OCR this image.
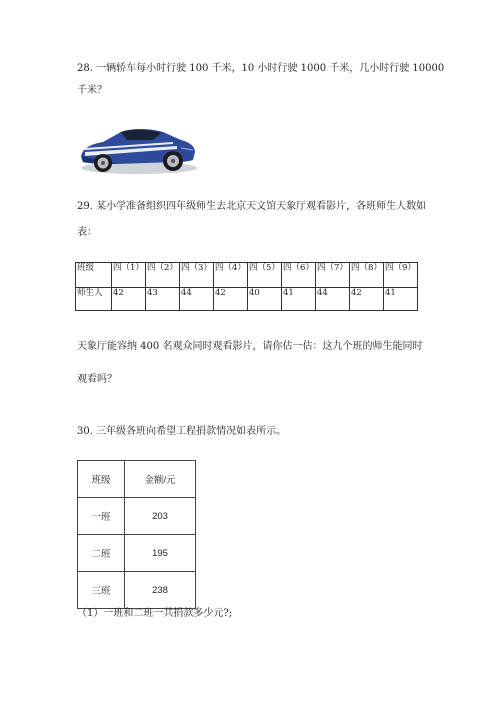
28. 一辆轿车每小时行驶 100 千米，10 小时行驶 1000 千米，几小时行驶 10000
千米？
29. 某小学准备组织四年级师生去北京天文馆天象厅观看影片，各班师生人数如
表：
班级	四（1）	四（2）	四（3）	四（4）	四（5）	四（6）	四（7）	四（8）	四（9）
师生人	42	43	44	42	40	41	44	42	41
天象厅能容纳 400 名观众同时观看影片，请你估一估：这九个班的师生能同时
观看吗？
30. 三年级各班向希望工程捐款情况如表所示。
班级	金额/元
一班	203
二班	195
三班	238
（1）一班和二班一共捐款多少元?;
